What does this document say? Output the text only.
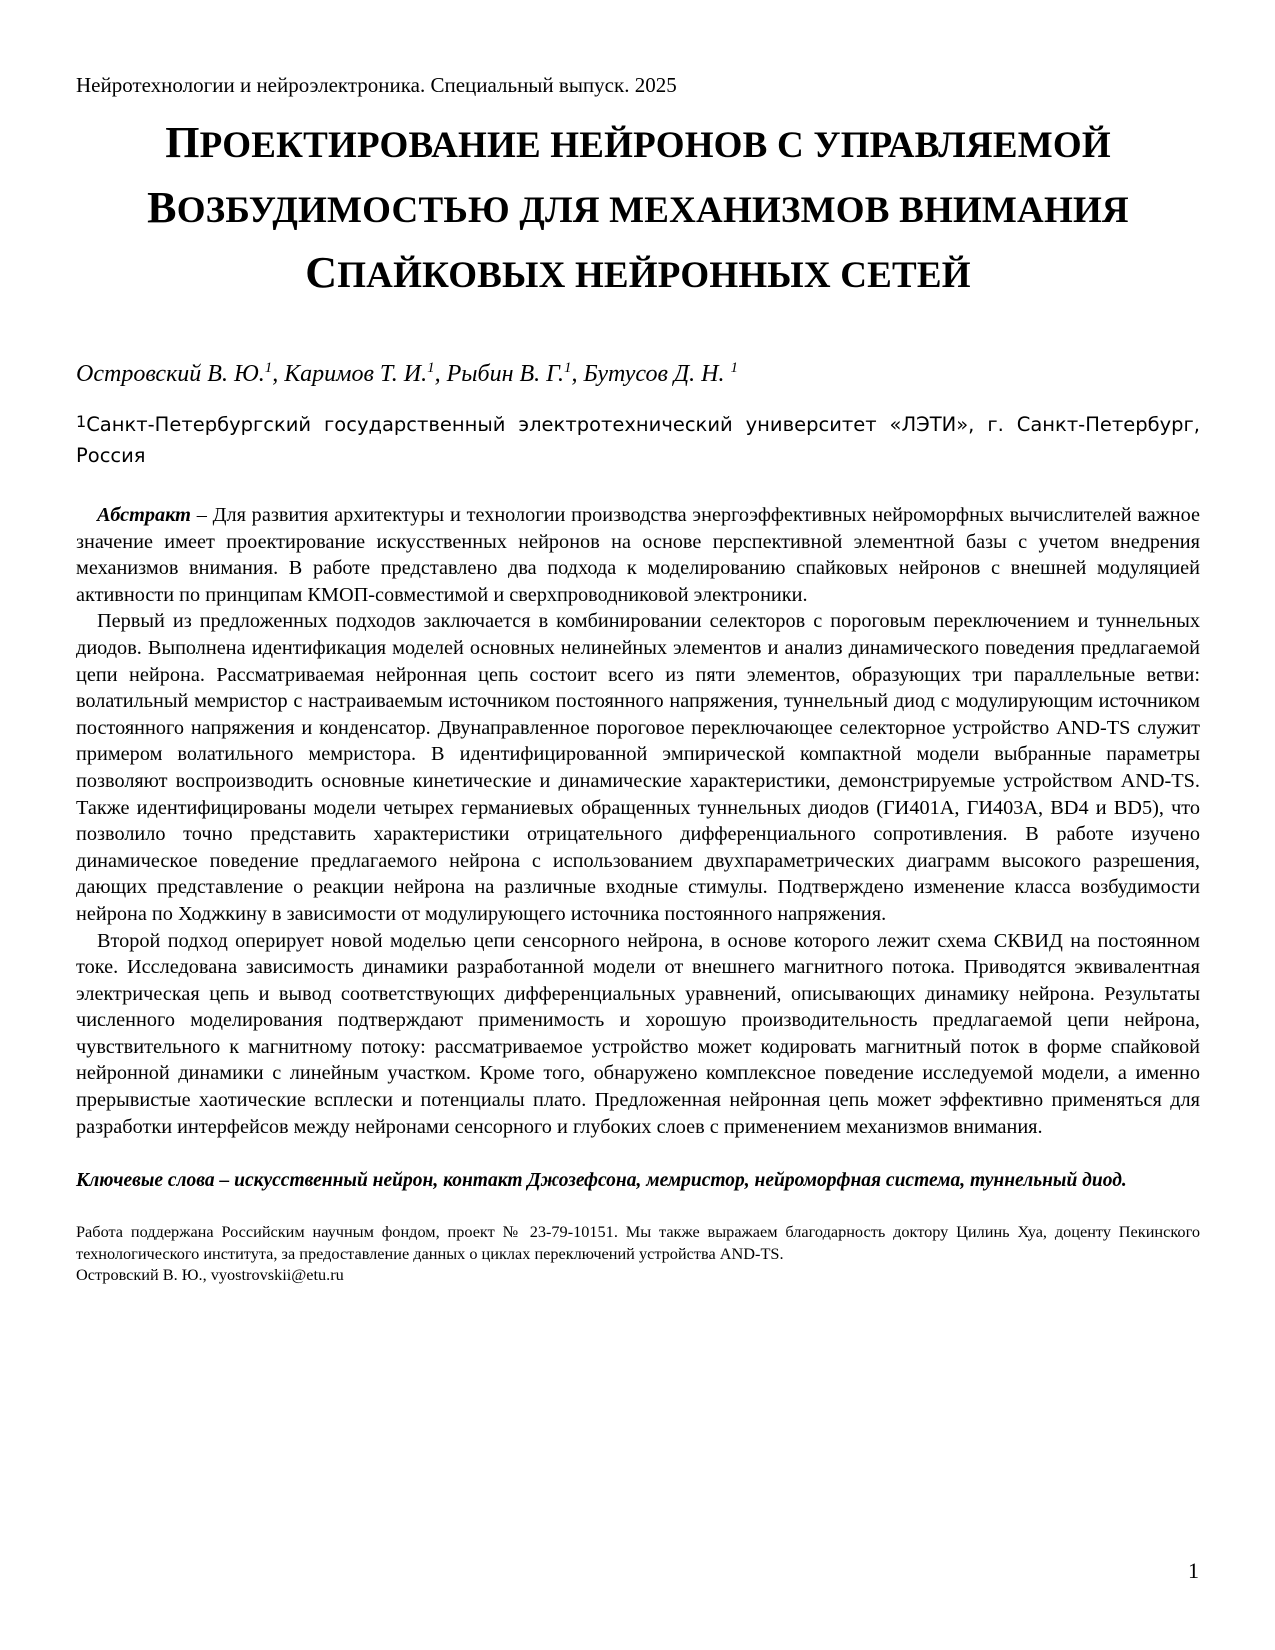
Нейротехнологии и нейроэлектроника. Специальный выпуск. 2025

ПРОЕКТИРОВАНИЕ НЕЙРОНОВ С УПРАВЛЯЕМОЙ
ВОЗБУДИМОСТЬЮ ДЛЯ МЕХАНИЗМОВ ВНИМАНИЯ
СПАЙКОВЫХ НЕЙРОННЫХ СЕТЕЙ

Островский В. Ю.$^1$, Каримов Т. И.$^1$, Рыбин В. Г.$^1$, Бутусов Д. Н. $^1$

$^1$Санкт-Петербургский государственный электротехнический университет «ЛЭТИ», г. Санкт-Петербург, Россия

Абстракт – Для развития архитектуры и технологии производства энергоэффективных нейроморфных вычислителей важное значение имеет проектирование искусственных нейронов на основе перспективной элементной базы с учетом внедрения механизмов внимания. В работе представлено два подхода к моделированию спайковых нейронов с внешней модуляцией активности по принципам КМОП-совместимой и сверхпроводниковой электроники.

Первый из предложенных подходов заключается в комбинировании селекторов с пороговым переключением и туннельных диодов. Выполнена идентификация моделей основных нелинейных элементов и анализ динамического поведения предлагаемой цепи нейрона. Рассматриваемая нейронная цепь состоит всего из пяти элементов, образующих три параллельные ветви: волатильный мемристор с настраиваемым источником постоянного напряжения, туннельный диод с модулирующим источником постоянного напряжения и конденсатор. Двунаправленное пороговое переключающее селекторное устройство AND-TS служит примером волатильного мемристора. В идентифицированной эмпирической компактной модели выбранные параметры позволяют воспроизводить основные кинетические и динамические характеристики, демонстрируемые устройством AND-TS. Также идентифицированы модели четырех германиевых обращенных туннельных диодов (ГИ401А, ГИ403А, BD4 и BD5), что позволило точно представить характеристики отрицательного дифференциального сопротивления. В работе изучено динамическое поведение предлагаемого нейрона с использованием двухпараметрических диаграмм высокого разрешения, дающих представление о реакции нейрона на различные входные стимулы. Подтверждено изменение класса возбудимости нейрона по Ходжкину в зависимости от модулирующего источника постоянного напряжения.

Второй подход оперирует новой моделью цепи сенсорного нейрона, в основе которого лежит схема СКВИД на постоянном токе. Исследована зависимость динамики разработанной модели от внешнего магнитного потока. Приводятся эквивалентная электрическая цепь и вывод соответствующих дифференциальных уравнений, описывающих динамику нейрона. Результаты численного моделирования подтверждают применимость и хорошую производительность предлагаемой цепи нейрона, чувствительного к магнитному потоку: рассматриваемое устройство может кодировать магнитный поток в форме спайковой нейронной динамики с линейным участком. Кроме того, обнаружено комплексное поведение исследуемой модели, а именно прерывистые хаотические всплески и потенциалы плато. Предложенная нейронная цепь может эффективно применяться для разработки интерфейсов между нейронами сенсорного и глубоких слоев с применением механизмов внимания.

Ключевые слова – искусственный нейрон, контакт Джозефсона, мемристор, нейроморфная система, туннельный диод.

Работа поддержана Российским научным фондом, проект № 23-79-10151. Мы также выражаем благодарность доктору Цилинь Хуа, доценту Пекинского технологического института, за предоставление данных о циклах переключений устройства AND-TS.
Островский В. Ю., vyostrovskii@etu.ru
1
